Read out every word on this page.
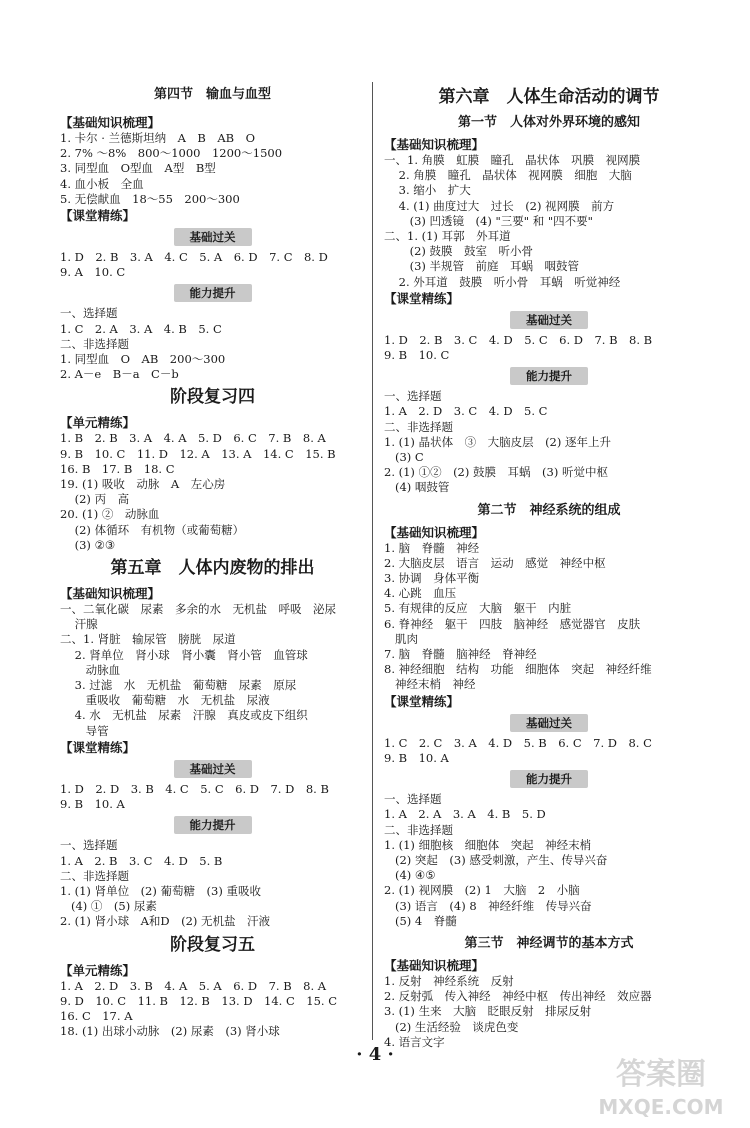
第四节　输血与血型
【基础知识梳理】
1. 卡尔 · 兰德斯坦纳　A　B　AB　O
2. 7% ～8%　800～1000　1200～1500
3. 同型血　O型血　A型　B型
4. 血小板　全血
5. 无偿献血　18～55　200～300
【课堂精练】
基础过关
1. D　2. B　3. A　4. C　5. A　6. D　7. C　8. D
9. A　10. C
能力提升
一、选择题
1. C　2. A　3. A　4. B　5. C
二、非选择题
1. 同型血　O　AB　200～300
2. A－e　B－a　C－b
阶段复习四
【单元精练】
1. B　2. B　3. A　4. A　5. D　6. C　7. B　8. A
9. B　10. C　11. D　12. A　13. A　14. C　15. B
16. B　17. B　18. C
19. (1) 吸收　动脉　A　左心房
(2) 丙　高
20. (1) ②　动脉血
(2) 体循环　有机物（或葡萄糖）
(3) ②③
第五章　人体内废物的排出
【基础知识梳理】
一、二氧化碳　尿素　多余的水　无机盐　呼吸　泌尿
汗腺
二、1. 肾脏　输尿管　膀胱　尿道
2. 肾单位　肾小球　肾小囊　肾小管　血管球
动脉血
3. 过滤　水　无机盐　葡萄糖　尿素　原尿
重吸收　葡萄糖　水　无机盐　尿液
4. 水　无机盐　尿素　汗腺　真皮或皮下组织
导管
【课堂精练】
基础过关
1. D　2. D　3. B　4. C　5. C　6. D　7. D　8. B
9. B　10. A
能力提升
一、选择题
1. A　2. B　3. C　4. D　5. B
二、非选择题
1. (1) 肾单位　(2) 葡萄糖　(3) 重吸收
(4) ①　(5) 尿素
2. (1) 肾小球　A和D　(2) 无机盐　汗液
阶段复习五
【单元精练】
1. A　2. D　3. B　4. A　5. A　6. D　7. B　8. A
9. D　10. C　11. B　12. B　13. D　14. C　15. C
16. C　17. A
18. (1) 出球小动脉　(2) 尿素　(3) 肾小球
第六章　人体生命活动的调节
第一节　人体对外界环境的感知
【基础知识梳理】
一、1. 角膜　虹膜　瞳孔　晶状体　巩膜　视网膜
2. 角膜　瞳孔　晶状体　视网膜　细胞　大脑
3. 缩小　扩大
4. (1) 曲度过大　过长　(2) 视网膜　前方
(3) 凹透镜　(4) "三要" 和 "四不要"
二、1. (1) 耳郭　外耳道
(2) 鼓膜　鼓室　听小骨
(3) 半规管　前庭　耳蜗　咽鼓管
2. 外耳道　鼓膜　听小骨　耳蜗　听觉神经
【课堂精练】
基础过关
1. D　2. B　3. C　4. D　5. C　6. D　7. B　8. B
9. B　10. C
能力提升
一、选择题
1. A　2. D　3. C　4. D　5. C
二、非选择题
1. (1) 晶状体　③　大脑皮层　(2) 逐年上升
(3) C
2. (1) ①②　(2) 鼓膜　耳蜗　(3) 听觉中枢
(4) 咽鼓管
第二节　神经系统的组成
【基础知识梳理】
1. 脑　脊髓　神经
2. 大脑皮层　语言　运动　感觉　神经中枢
3. 协调　身体平衡
4. 心跳　血压
5. 有规律的反应　大脑　躯干　内脏
6. 脊神经　躯干　四肢　脑神经　感觉器官　皮肤
肌肉
7. 脑　脊髓　脑神经　脊神经
8. 神经细胞　结构　功能　细胞体　突起　神经纤维
神经末梢　神经
【课堂精练】
基础过关
1. C　2. C　3. A　4. D　5. B　6. C　7. D　8. C
9. B　10. A
能力提升
一、选择题
1. A　2. A　3. A　4. B　5. D
二、非选择题
1. (1) 细胞核　细胞体　突起　神经末梢
(2) 突起　(3) 感受刺激，产生、传导兴奋
(4) ④⑤
2. (1) 视网膜　(2) 1　大脑　2　小脑
(3) 语言　(4) 8　神经纤维　传导兴奋
(5) 4　脊髓
第三节　神经调节的基本方式
【基础知识梳理】
1. 反射　神经系统　反射
2. 反射弧　传入神经　神经中枢　传出神经　效应器
3. (1) 生来　大脑　眨眼反射　排尿反射
(2) 生活经验　谈虎色变
4. 语言文字
· 4 ·
答案圈
MXQE.COM
